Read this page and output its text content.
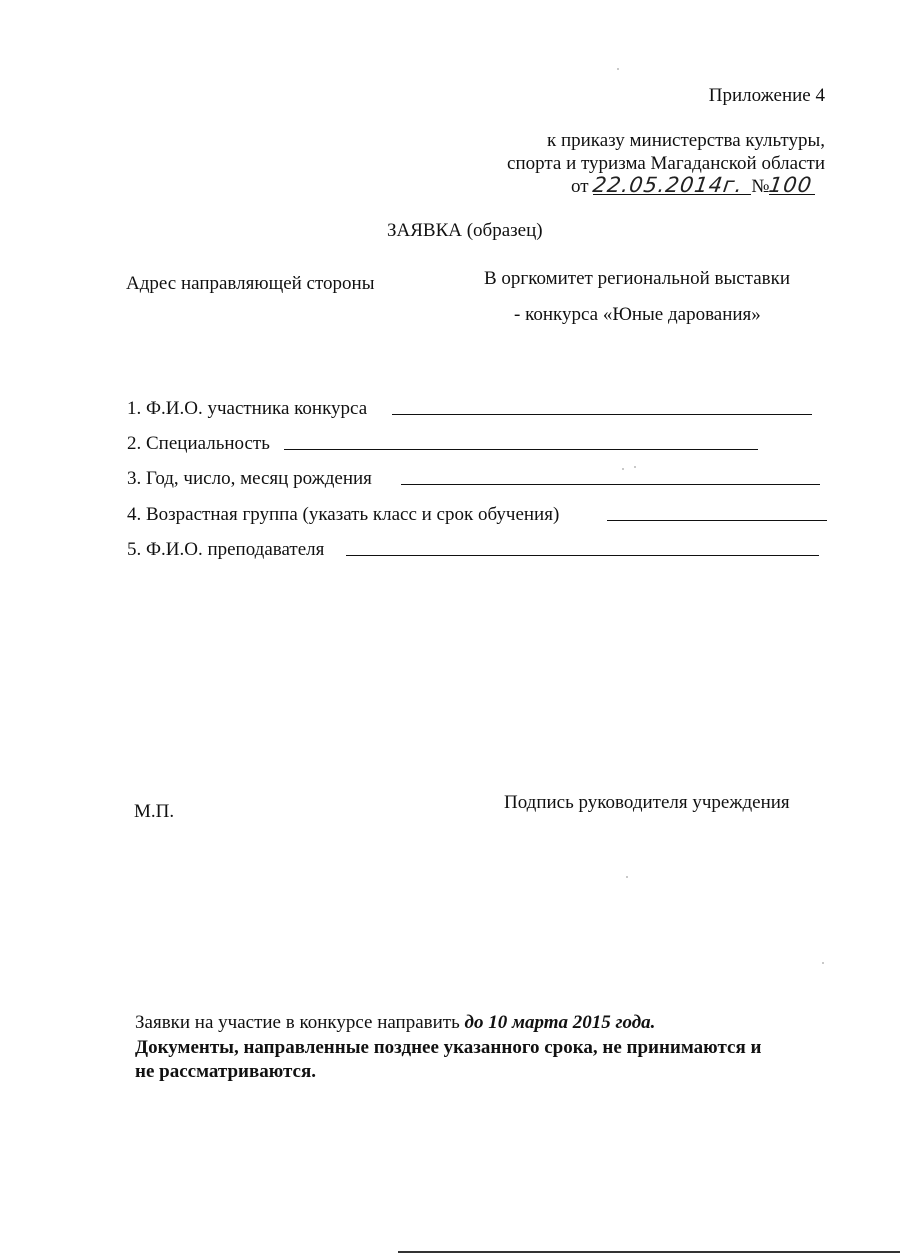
Приложение 4
к приказу министерства культуры,
спорта и туризма Магаданской области
от 22.05.2014г. №100
ЗАЯВКА (образец)
Адрес направляющей стороны	В оргкомитет региональной выставки
- конкурса «Юные дарования»
1. Ф.И.О. участника конкурса
2. Специальность
3. Год, число, месяц рождения
4. Возрастная группа (указать класс и срок обучения)
5. Ф.И.О. преподавателя
М.П.	Подпись руководителя учреждения
Заявки на участие в конкурсе направить до 10 марта 2015 года.
Документы, направленные позднее указанного срока, не принимаются и
не рассматриваются.
